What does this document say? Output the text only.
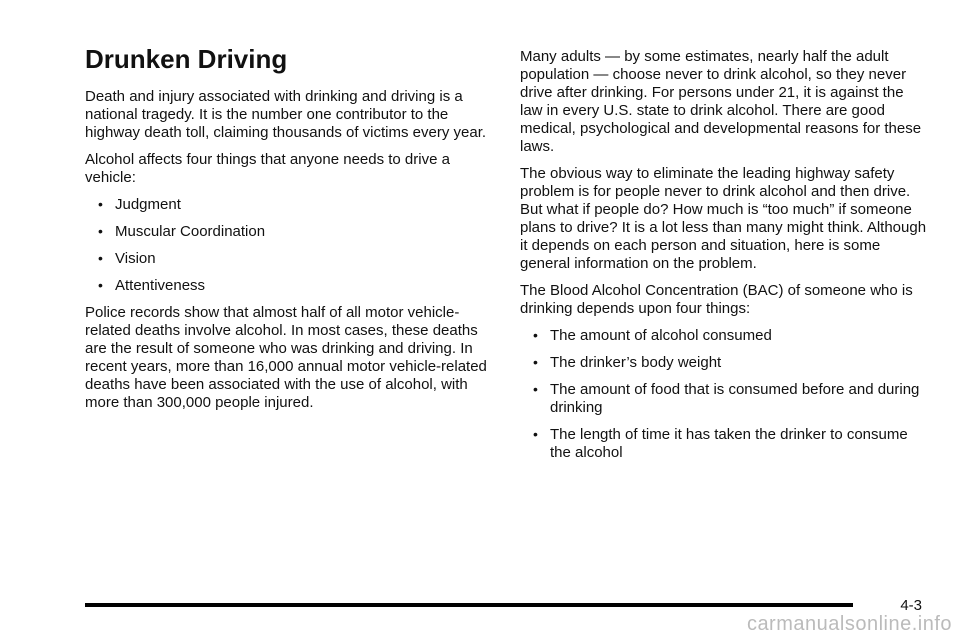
Drunken Driving

Death and injury associated with drinking and driving is a national tragedy. It is the number one contributor to the highway death toll, claiming thousands of victims every year.

Alcohol affects four things that anyone needs to drive a vehicle:

• Judgment
• Muscular Coordination
• Vision
• Attentiveness

Police records show that almost half of all motor vehicle-related deaths involve alcohol. In most cases, these deaths are the result of someone who was drinking and driving. In recent years, more than 16,000 annual motor vehicle-related deaths have been associated with the use of alcohol, with more than 300,000 people injured.

Many adults — by some estimates, nearly half the adult population — choose never to drink alcohol, so they never drive after drinking. For persons under 21, it is against the law in every U.S. state to drink alcohol. There are good medical, psychological and developmental reasons for these laws.

The obvious way to eliminate the leading highway safety problem is for people never to drink alcohol and then drive. But what if people do? How much is “too much” if someone plans to drive? It is a lot less than many might think. Although it depends on each person and situation, here is some general information on the problem.

The Blood Alcohol Concentration (BAC) of someone who is drinking depends upon four things:

• The amount of alcohol consumed
• The drinker’s body weight
• The amount of food that is consumed before and during drinking
• The length of time it has taken the drinker to consume the alcohol
4-3
carmanualsonline.info
